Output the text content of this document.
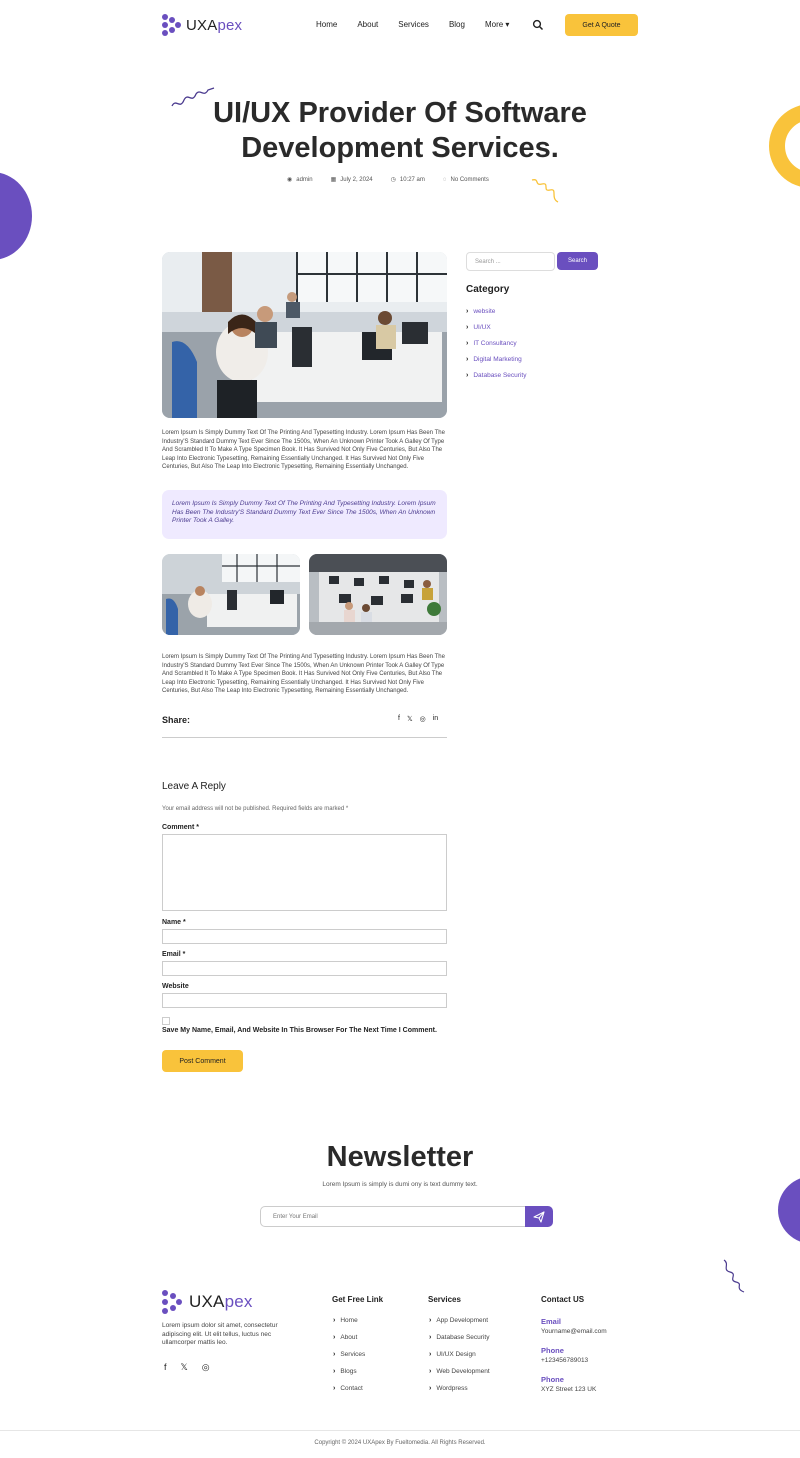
UXApex	Home	About	Services	Blog	More ▾	Get A Quote
UI/UX Provider Of Software Development Services.
◉ admin	▦ July 2, 2024	◷ 10:27 am	◌ No Comments

Lorem Ipsum Is Simply Dummy Text Of The Printing And Typesetting Industry. Lorem Ipsum Has Been The Industry'S Standard Dummy Text Ever Since The 1500s, When An Unknown Printer Took A Galley Of Type And Scrambled It To Make A Type Specimen Book. It Has Survived Not Only Five Centuries, But Also The Leap Into Electronic Typesetting, Remaining Essentially Unchanged. It Has Survived Not Only Five Centuries, But Also The Leap Into Electronic Typesetting, Remaining Essentially Unchanged.

Lorem Ipsum Is Simply Dummy Text Of The Printing And Typesetting Industry. Lorem Ipsum Has Been The Industry'S Standard Dummy Text Ever Since The 1500s, When An Unknown Printer Took A Galley.

Lorem Ipsum Is Simply Dummy Text Of The Printing And Typesetting Industry. Lorem Ipsum Has Been The Industry'S Standard Dummy Text Ever Since The 1500s, When An Unknown Printer Took A Galley Of Type And Scrambled It To Make A Type Specimen Book. It Has Survived Not Only Five Centuries, But Also The Leap Into Electronic Typesetting, Remaining Essentially Unchanged. It Has Survived Not Only Five Centuries, But Also The Leap Into Electronic Typesetting, Remaining Essentially Unchanged.

Share:	f 𝕏 ◎ in
Search ...	Search
Category
› website
› UI/UX
› IT Consultancy
› Digital Marketing
› Database Security
Leave A Reply
Your email address will not be published. Required fields are marked *
Comment *
Name *
Email *
Website
Save My Name, Email, And Website In This Browser For The Next Time I Comment.
Post Comment
Newsletter
Lorem Ipsum is simply is dumi ony is text dummy text.
Enter Your Email
UXApex

Lorem ipsum dolor sit amet, consectetur adipiscing elit. Ut elit tellus, luctus nec ullamcorper mattis leo.

f 𝕏 ◎
Get Free Link
› Home
› About
› Services
› Blogs
› Contact
Services
› App Development
› Database Security
› UI/UX Design
› Web Development
› Wordpress
Contact US
Email
Yourname@email.com
Phone
+123456789013
Phone
XYZ Street 123 UK
Copyright © 2024 UXApex By Fueltomedia. All Rights Reserved.
